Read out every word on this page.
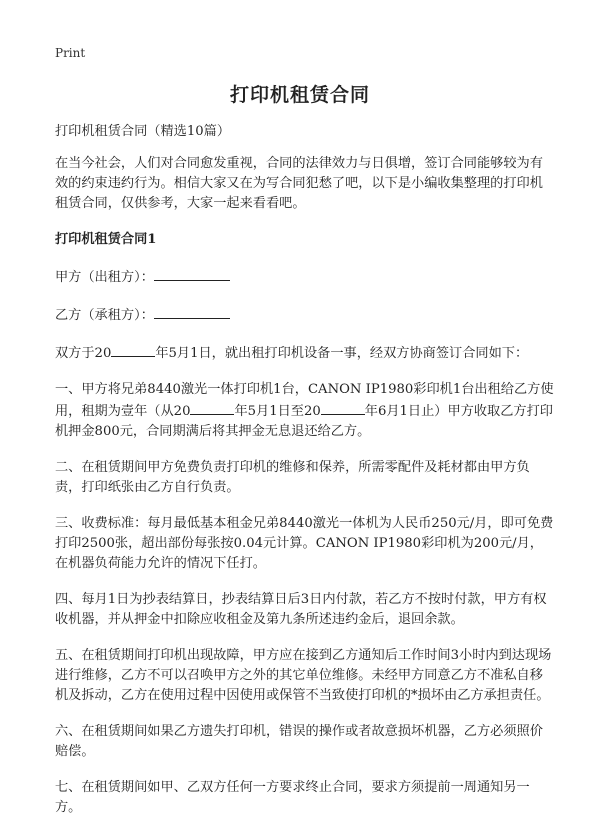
Print
打印机租赁合同

打印机租赁合同（精选10篇）

在当今社会，人们对合同愈发重视，合同的法律效力与日俱增，签订合同能够较为有效的约束违约行为。相信大家又在为写合同犯愁了吧，以下是小编收集整理的打印机租赁合同，仅供参考，大家一起来看看吧。

打印机租赁合同1

甲方（出租方）：

乙方（承租方）：

双方于20	年5月1日，就出租打印机设备一事，经双方协商签订合同如下：

一、甲方将兄弟8440激光一体打印机1台，CANON IP1980彩印机1台出租给乙方使用，租期为壹年（从20	年5月1日至20	年6月1日止）甲方收取乙方打印机押金800元，合同期满后将其押金无息退还给乙方。

二、在租赁期间甲方免费负责打印机的维修和保养，所需零配件及耗材都由甲方负责，打印纸张由乙方自行负责。

三、收费标准：每月最低基本租金兄弟8440激光一体机为人民币250元/月，即可免费打印2500张，超出部份每张按0.04元计算。CANON IP1980彩印机为200元/月，在机器负荷能力允许的情况下任打。

四、每月1日为抄表结算日，抄表结算日后3日内付款，若乙方不按时付款，甲方有权收机器，并从押金中扣除应收租金及第九条所述违约金后，退回余款。

五、在租赁期间打印机出现故障，甲方应在接到乙方通知后工作时间3小时内到达现场进行维修，乙方不可以召唤甲方之外的其它单位维修。未经甲方同意乙方不准私自移机及拆动，乙方在使用过程中因使用或保管不当致使打印机的*损坏由乙方承担责任。

六、在租赁期间如果乙方遗失打印机，错误的操作或者故意损坏机器，乙方必须照价赔偿。

七、在租赁期间如甲、乙双方任何一方要求终止合同，要求方须提前一周通知另一方。
